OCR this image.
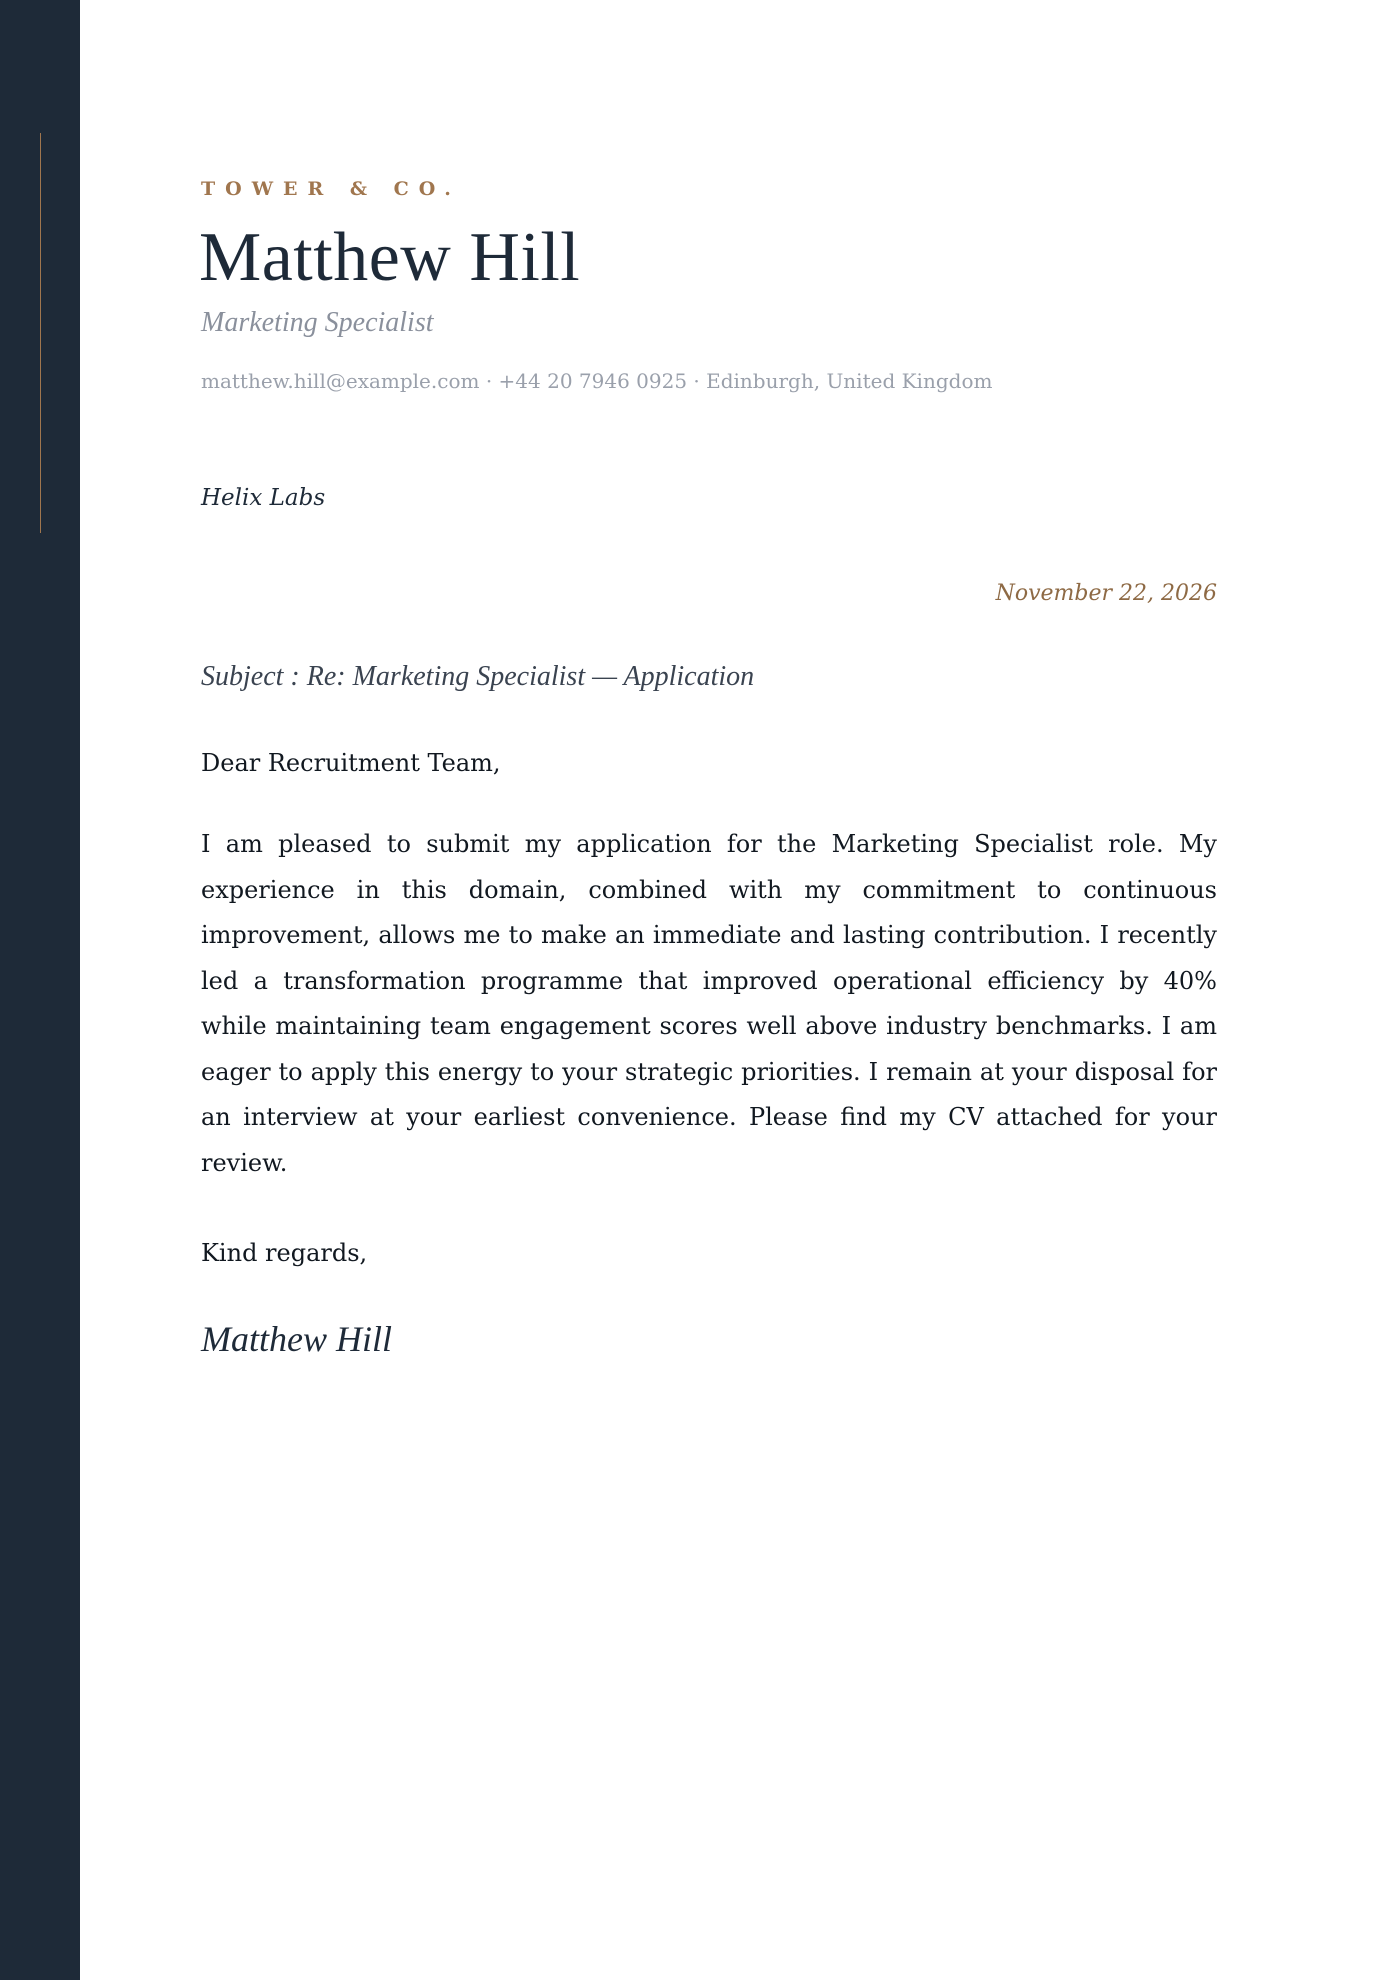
TOWER & CO.
Matthew Hill
Marketing Specialist
matthew.hill@example.com · +44 20 7946 0925 · Edinburgh, United Kingdom
Helix Labs
November 22, 2026
Subject : Re: Marketing Specialist — Application
Dear Recruitment Team,

I am pleased to submit my application for the Marketing Specialist role. My experience in this domain, combined with my commitment to continuous improvement, allows me to make an immediate and lasting contribution. I recently led a transformation programme that improved operational efficiency by 40% while maintaining team engagement scores well above industry benchmarks. I am eager to apply this energy to your strategic priorities. I remain at your disposal for an interview at your earliest convenience. Please find my CV attached for your review.

Kind regards,
Matthew Hill
